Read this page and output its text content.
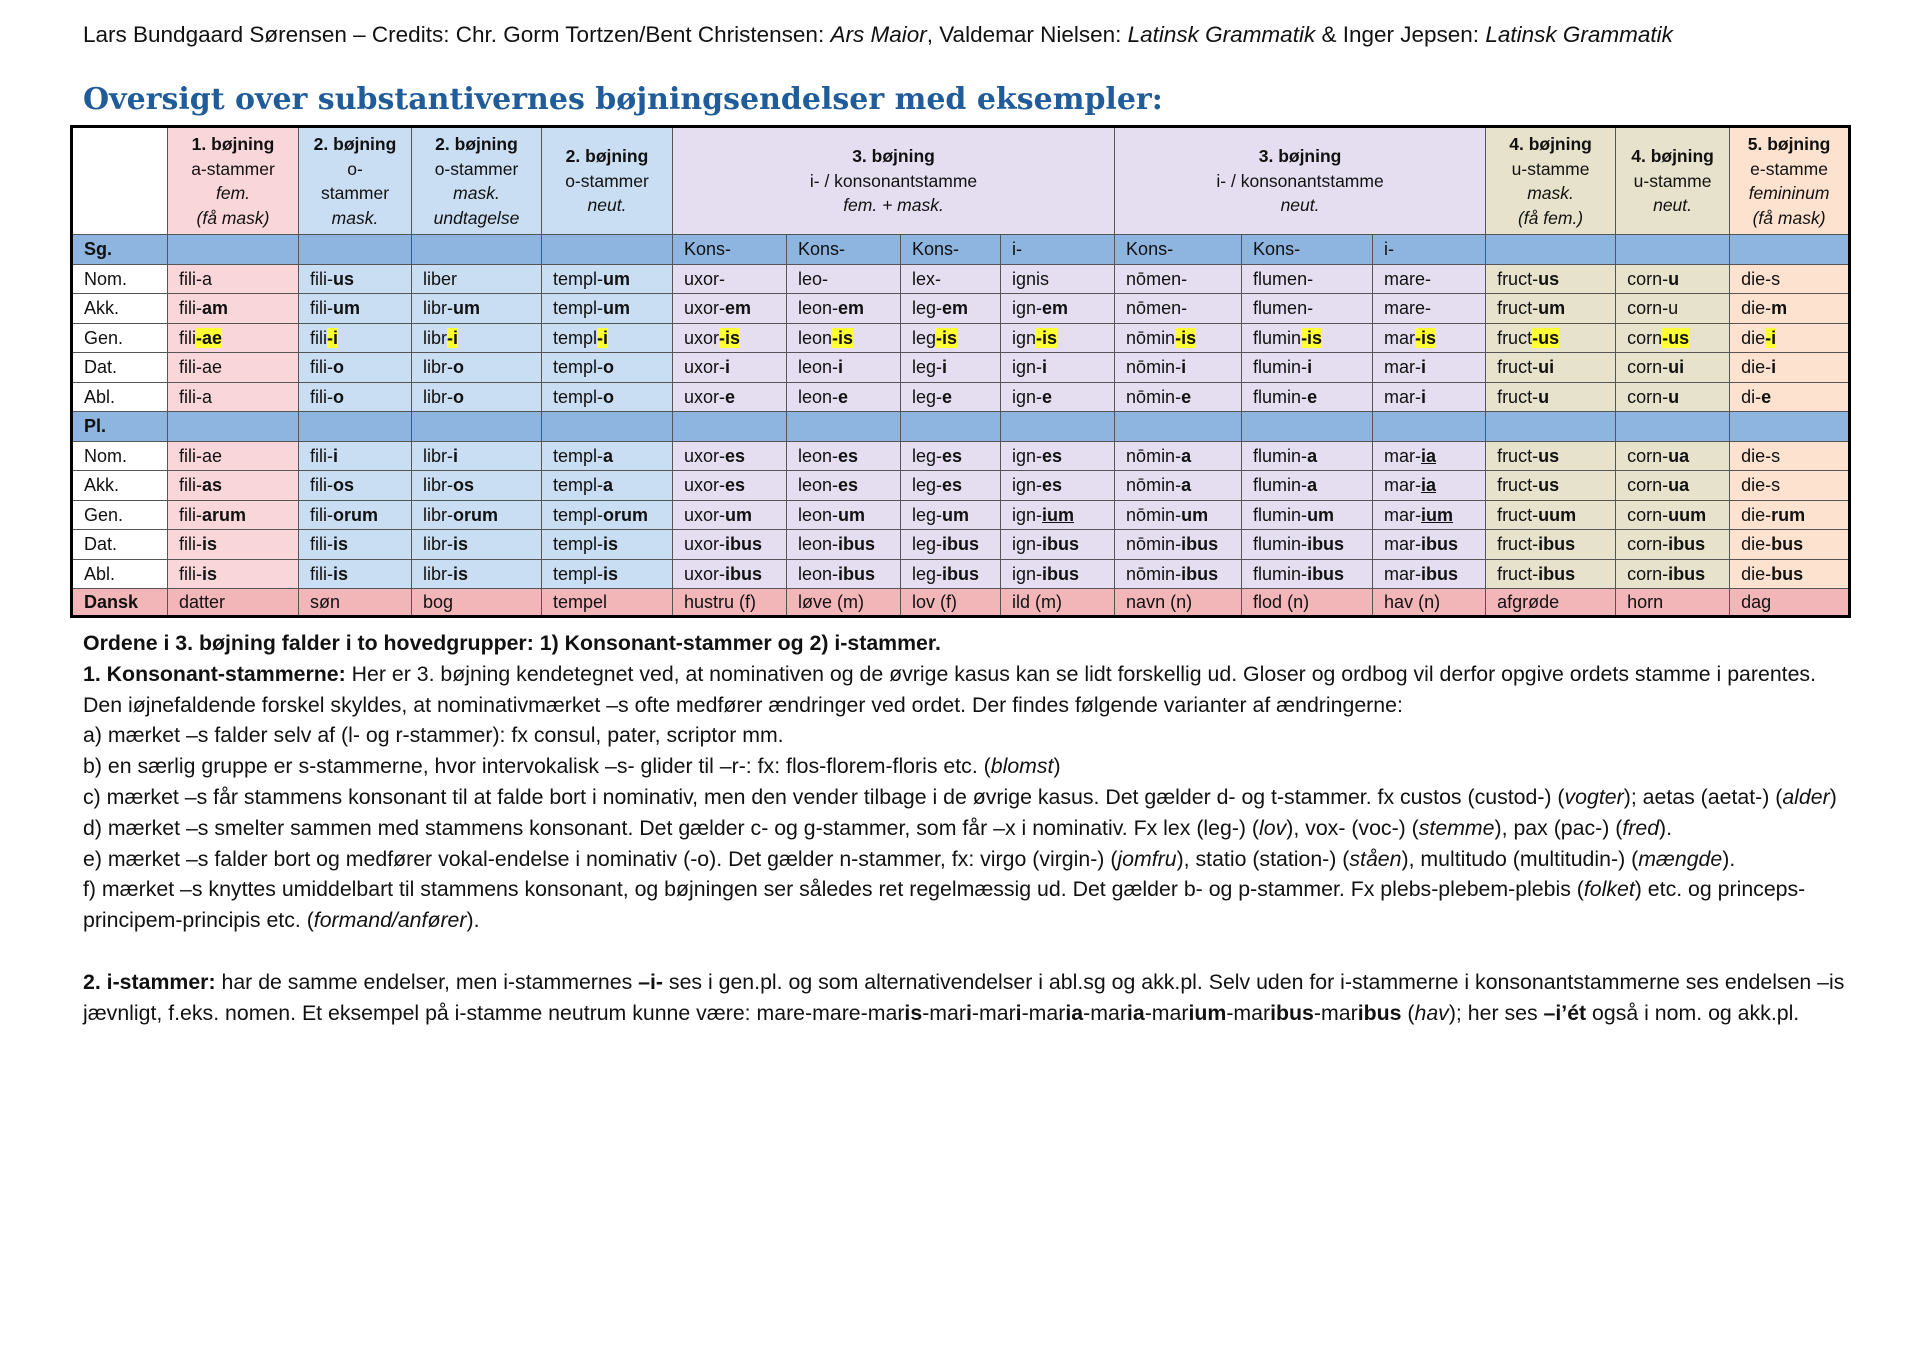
Lars Bundgaard Sørensen – Credits: Chr. Gorm Tortzen/Bent Christensen: Ars Maior, Valdemar Nielsen: Latinsk Grammatik & Inger Jepsen: Latinsk Grammatik
Oversigt over substantivernes bøjningsendelser med eksempler:
	1. bøjning
a-stammer
fem.
(få mask)	2. bøjning
o-
stammer
mask.	2. bøjning
o-stammer
mask.
undtagelse	2. bøjning
o-stammer
neut.	3. bøjning
i- / konsonantstamme
fem. + mask.				3. bøjning
i- / konsonantstamme
neut.			4. bøjning
u-stamme
mask.
(få fem.)	4. bøjning
u-stamme
neut.	5. bøjning
e-stamme
femininum
(få mask)
Sg.					Kons-	Kons-	Kons-	i-	Kons-	Kons-	i-			
Nom.	fili-a	fili-us	liber	templ-um	uxor-	leo-	lex-	ignis	nōmen-	flumen-	mare-	fruct-us	corn-u	die-s
Akk.	fili-am	fili-um	libr-um	templ-um	uxor-em	leon-em	leg-em	ign-em	nōmen-	flumen-	mare-	fruct-um	corn-u	die-m
Gen.	fili-ae	fili-i	libr-i	templ-i	uxor-is	leon-is	leg-is	ign-is	nōmin-is	flumin-is	mar-is	fruct-us	corn-us	die-i
Dat.	fili-ae	fili-o	libr-o	templ-o	uxor-i	leon-i	leg-i	ign-i	nōmin-i	flumin-i	mar-i	fruct-ui	corn-ui	die-i
Abl.	fili-a	fili-o	libr-o	templ-o	uxor-e	leon-e	leg-e	ign-e	nōmin-e	flumin-e	mar-i	fruct-u	corn-u	di-e
Pl.														
Nom.	fili-ae	fili-i	libr-i	templ-a	uxor-es	leon-es	leg-es	ign-es	nōmin-a	flumin-a	mar-ia	fruct-us	corn-ua	die-s
Akk.	fili-as	fili-os	libr-os	templ-a	uxor-es	leon-es	leg-es	ign-es	nōmin-a	flumin-a	mar-ia	fruct-us	corn-ua	die-s
Gen.	fili-arum	fili-orum	libr-orum	templ-orum	uxor-um	leon-um	leg-um	ign-ium	nōmin-um	flumin-um	mar-ium	fruct-uum	corn-uum	die-rum
Dat.	fili-is	fili-is	libr-is	templ-is	uxor-ibus	leon-ibus	leg-ibus	ign-ibus	nōmin-ibus	flumin-ibus	mar-ibus	fruct-ibus	corn-ibus	die-bus
Abl.	fili-is	fili-is	libr-is	templ-is	uxor-ibus	leon-ibus	leg-ibus	ign-ibus	nōmin-ibus	flumin-ibus	mar-ibus	fruct-ibus	corn-ibus	die-bus
Dansk	datter	søn	bog	tempel	hustru (f)	løve (m)	lov (f)	ild (m)	navn (n)	flod (n)	hav (n)	afgrøde	horn	dag

Ordene i 3. bøjning falder i to hovedgrupper: 1) Konsonant-stammer og 2) i-stammer.

1. Konsonant-stammerne: Her er 3. bøjning kendetegnet ved, at nominativen og de øvrige kasus kan se lidt forskellig ud. Gloser og ordbog vil derfor opgive ordets stamme i parentes. Den iøjnefaldende forskel skyldes, at nominativmærket –s ofte medfører ændringer ved ordet. Der findes følgende varianter af ændringerne:

a) mærket –s falder selv af (l- og r-stammer): fx consul, pater, scriptor mm.

b) en særlig gruppe er s-stammerne, hvor intervokalisk –s- glider til –r-: fx: flos-florem-floris etc. (blomst)

c) mærket –s får stammens konsonant til at falde bort i nominativ, men den vender tilbage i de øvrige kasus. Det gælder d- og t-stammer. fx custos (custod-) (vogter); aetas (aetat-) (alder)

d) mærket –s smelter sammen med stammens konsonant. Det gælder c- og g-stammer, som får –x i nominativ. Fx lex (leg-) (lov), vox- (voc-) (stemme), pax (pac-) (fred).

e) mærket –s falder bort og medfører vokal-endelse i nominativ (-o). Det gælder n-stammer, fx: virgo (virgin-) (jomfru), statio (station-) (ståen), multitudo (multitudin-) (mængde).

f) mærket –s knyttes umiddelbart til stammens konsonant, og bøjningen ser således ret regelmæssig ud. Det gælder b- og p-stammer. Fx plebs-plebem-plebis (folket) etc. og princeps-principem-principis etc. (formand/anfører).

2. i-stammer: har de samme endelser, men i-stammernes –i- ses i gen.pl. og som alternativendelser i abl.sg og akk.pl. Selv uden for i-stammerne i konsonantstammerne ses endelsen –is jævnligt, f.eks. nomen. Et eksempel på i-stamme neutrum kunne være: mare-mare-maris-mari-mari-maria-maria-marium-maribus-maribus (hav); her ses –i’ét også i nom. og akk.pl.
